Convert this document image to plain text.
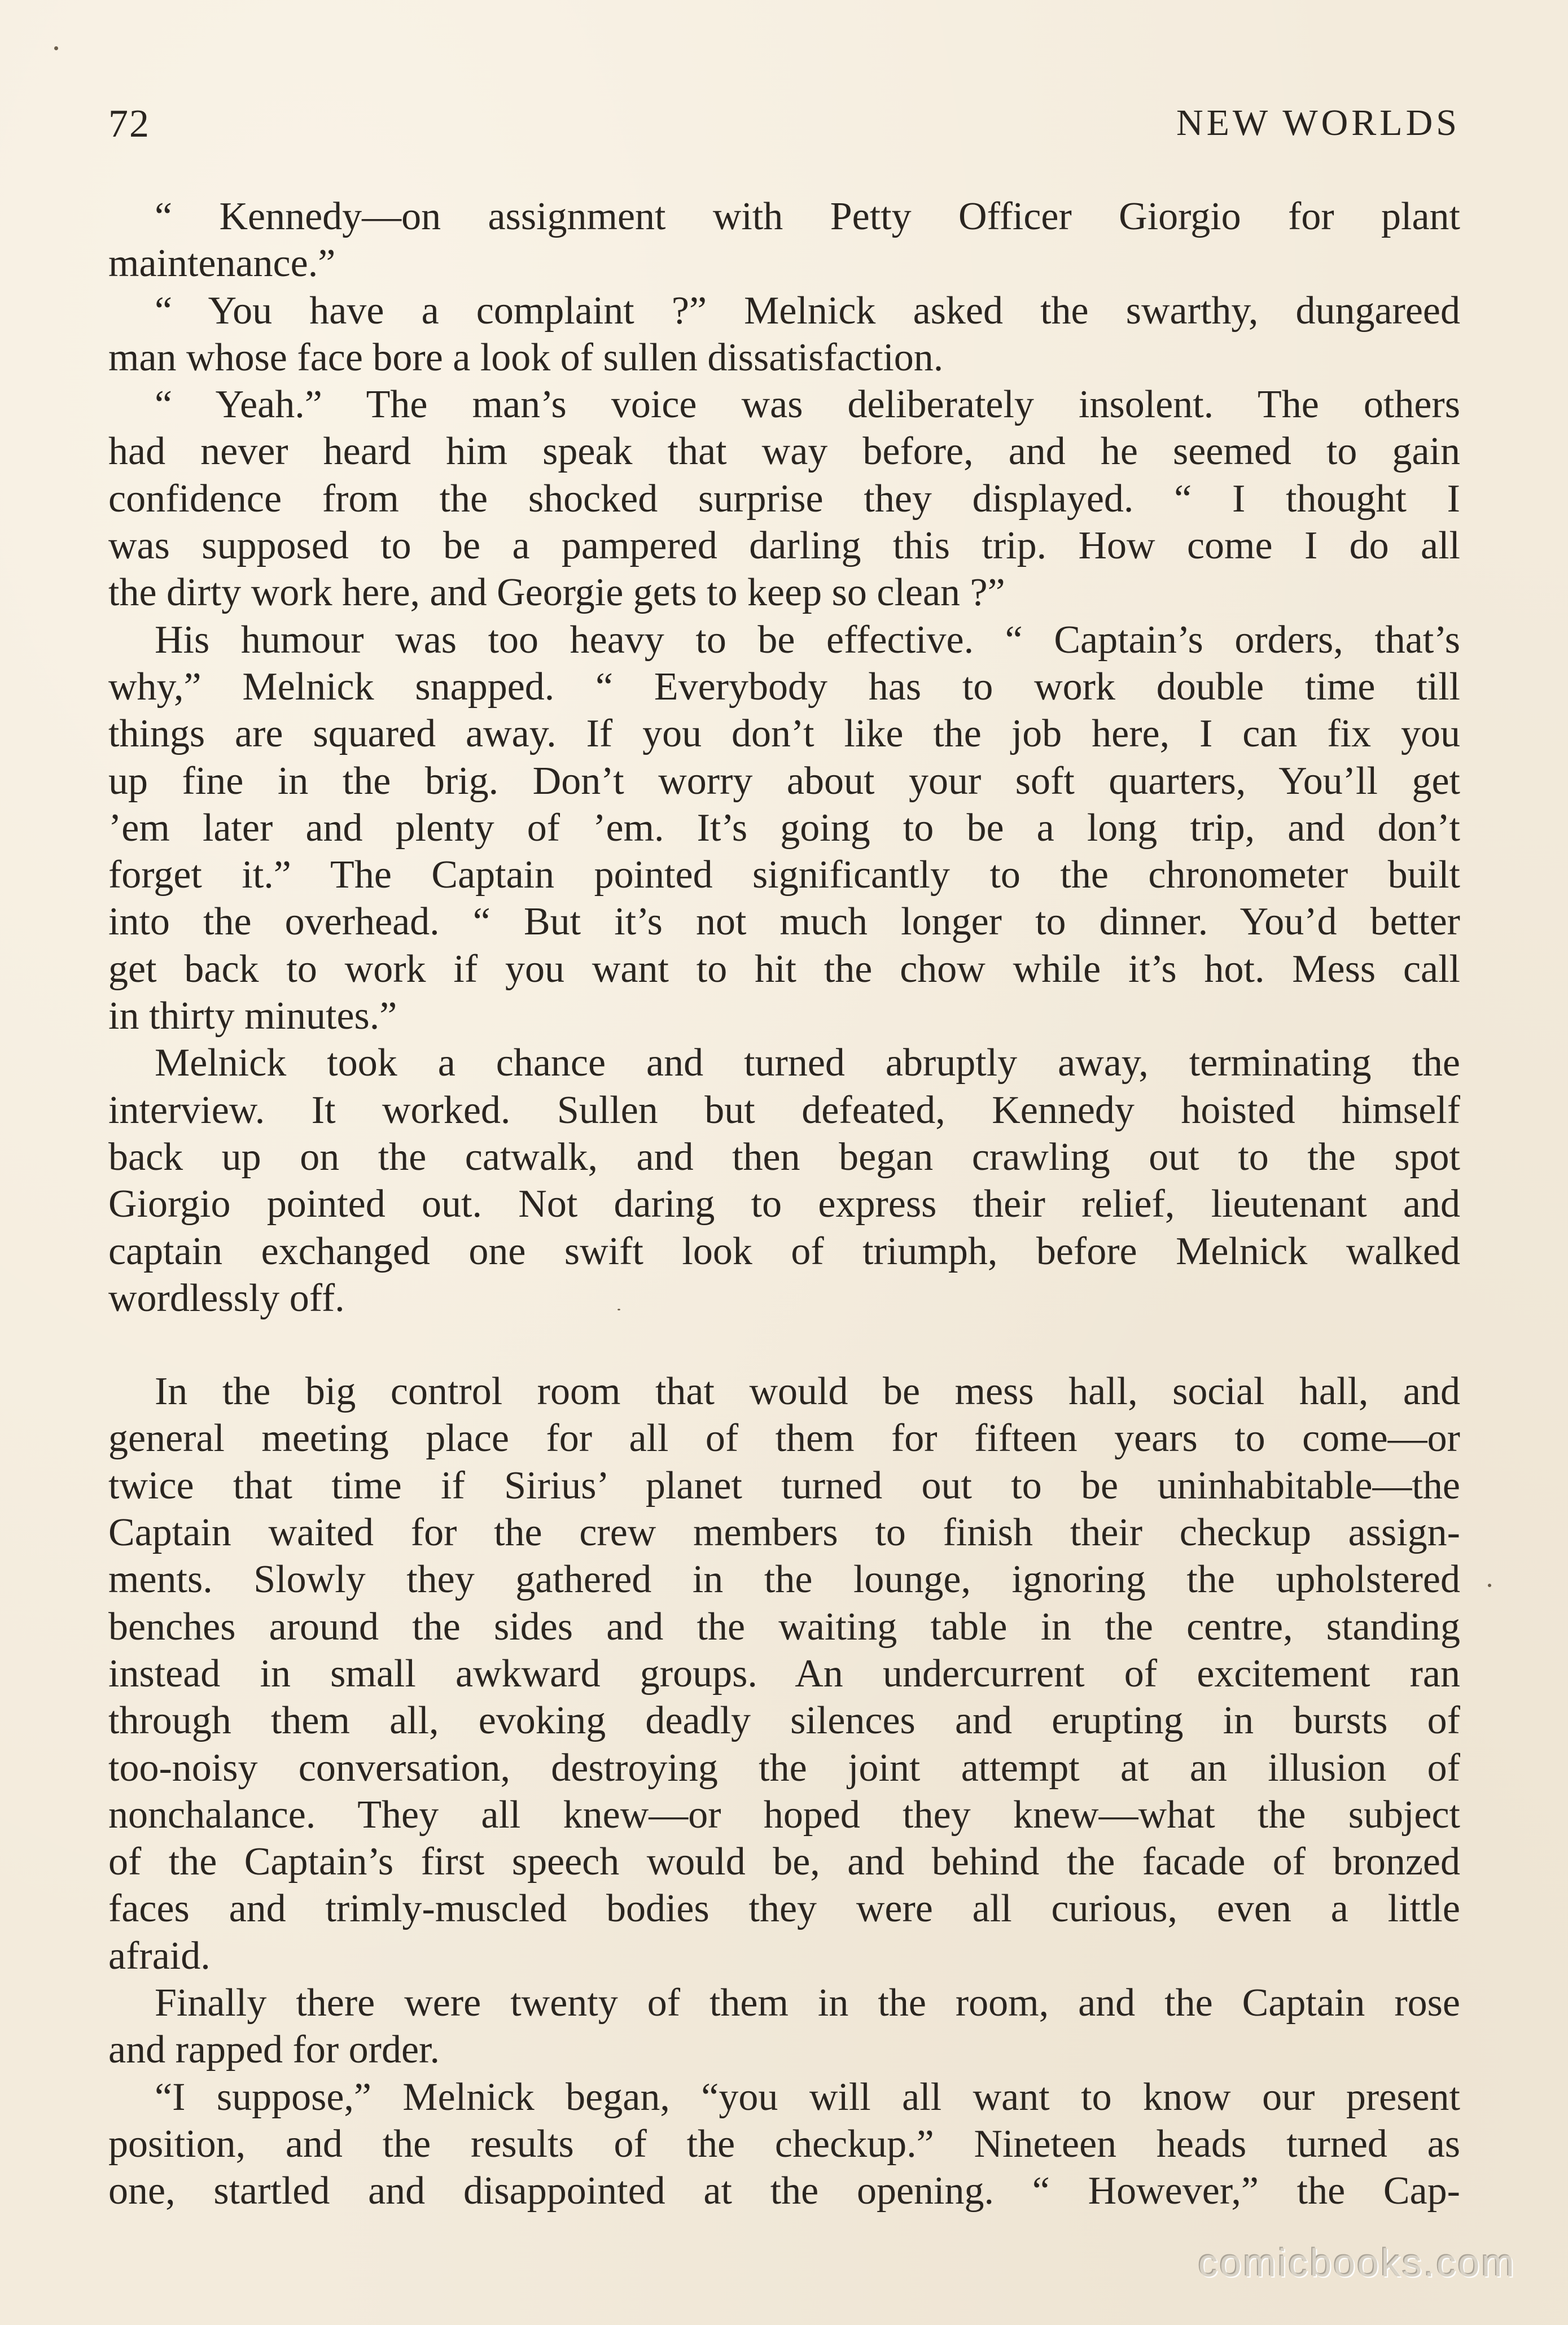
72	NEW WORLDS
“ Kennedy—on assignment with Petty Officer Giorgio for plant
maintenance.”
“ You have a complaint ?” Melnick asked the swarthy, dungareed
man whose face bore a look of sullen dissatisfaction.
“ Yeah.” The man’s voice was deliberately insolent. The others
had never heard him speak that way before, and he seemed to gain
confidence from the shocked surprise they displayed. “ I thought I
was supposed to be a pampered darling this trip. How come I do all
the dirty work here, and Georgie gets to keep so clean ?”
His humour was too heavy to be effective. “ Captain’s orders, that’s
why,” Melnick snapped. “ Everybody has to work double time till
things are squared away. If you don’t like the job here, I can fix you
up fine in the brig. Don’t worry about your soft quarters, You’ll get
’em later and plenty of ’em. It’s going to be a long trip, and don’t
forget it.” The Captain pointed significantly to the chronometer built
into the overhead. “ But it’s not much longer to dinner. You’d better
get back to work if you want to hit the chow while it’s hot. Mess call
in thirty minutes.”
Melnick took a chance and turned abruptly away, terminating the
interview. It worked. Sullen but defeated, Kennedy hoisted himself
back up on the catwalk, and then began crawling out to the spot
Giorgio pointed out. Not daring to express their relief, lieutenant and
captain exchanged one swift look of triumph, before Melnick walked
wordlessly off.
In the big control room that would be mess hall, social hall, and
general meeting place for all of them for fifteen years to come—or
twice that time if Sirius’ planet turned out to be uninhabitable—the
Captain waited for the crew members to finish their checkup assign-
ments. Slowly they gathered in the lounge, ignoring the upholstered
benches around the sides and the waiting table in the centre, standing
instead in small awkward groups. An undercurrent of excitement ran
through them all, evoking deadly silences and erupting in bursts of
too-noisy conversation, destroying the joint attempt at an illusion of
nonchalance. They all knew—or hoped they knew—what the subject
of the Captain’s first speech would be, and behind the facade of bronzed
faces and trimly-muscled bodies they were all curious, even a little
afraid.
Finally there were twenty of them in the room, and the Captain rose
and rapped for order.
“I suppose,” Melnick began, “you will all want to know our present
position, and the results of the checkup.” Nineteen heads turned as
one, startled and disappointed at the opening. “ However,” the Cap-
comicbooks.com
